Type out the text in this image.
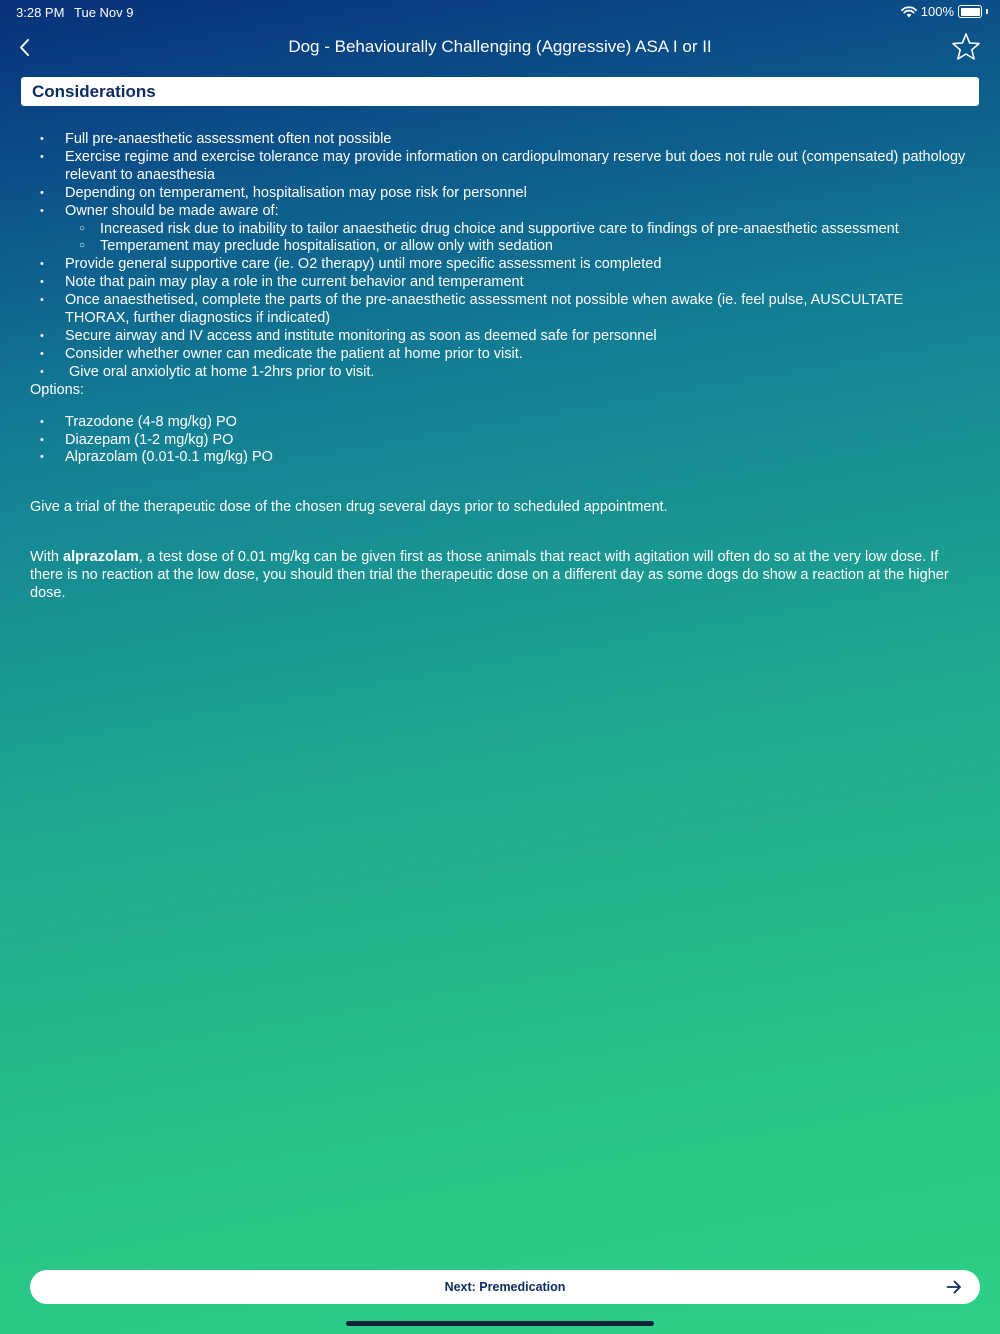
3:28 PM Tue Nov 9	100%
Dog - Behaviourally Challenging (Aggressive) ASA I or II
Considerations
• Full pre-anaesthetic assessment often not possible
• Exercise regime and exercise tolerance may provide information on cardiopulmonary reserve but does not rule out (compensated) pathology relevant to anaesthesia
• Depending on temperament, hospitalisation may pose risk for personnel
• Owner should be made aware of:
○ Increased risk due to inability to tailor anaesthetic drug choice and supportive care to findings of pre-anaesthetic assessment
○ Temperament may preclude hospitalisation, or allow only with sedation
• Provide general supportive care (ie. O2 therapy) until more specific assessment is completed
• Note that pain may play a role in the current behavior and temperament
• Once anaesthetised, complete the parts of the pre-anaesthetic assessment not possible when awake (ie. feel pulse, AUSCULTATE THORAX, further diagnostics if indicated)
• Secure airway and IV access and institute monitoring as soon as deemed safe for personnel
• Consider whether owner can medicate the patient at home prior to visit.
•  Give oral anxiolytic at home 1-2hrs prior to visit.

Options:

• Trazodone (4-8 mg/kg) PO
• Diazepam (1-2 mg/kg) PO
• Alprazolam (0.01-0.1 mg/kg) PO

Give a trial of the therapeutic dose of the chosen drug several days prior to scheduled appointment.

With alprazolam, a test dose of 0.01 mg/kg can be given first as those animals that react with agitation will often do so at the very low dose. If there is no reaction at the low dose, you should then trial the therapeutic dose on a different day as some dogs do show a reaction at the higher dose.

Next: Premedication
